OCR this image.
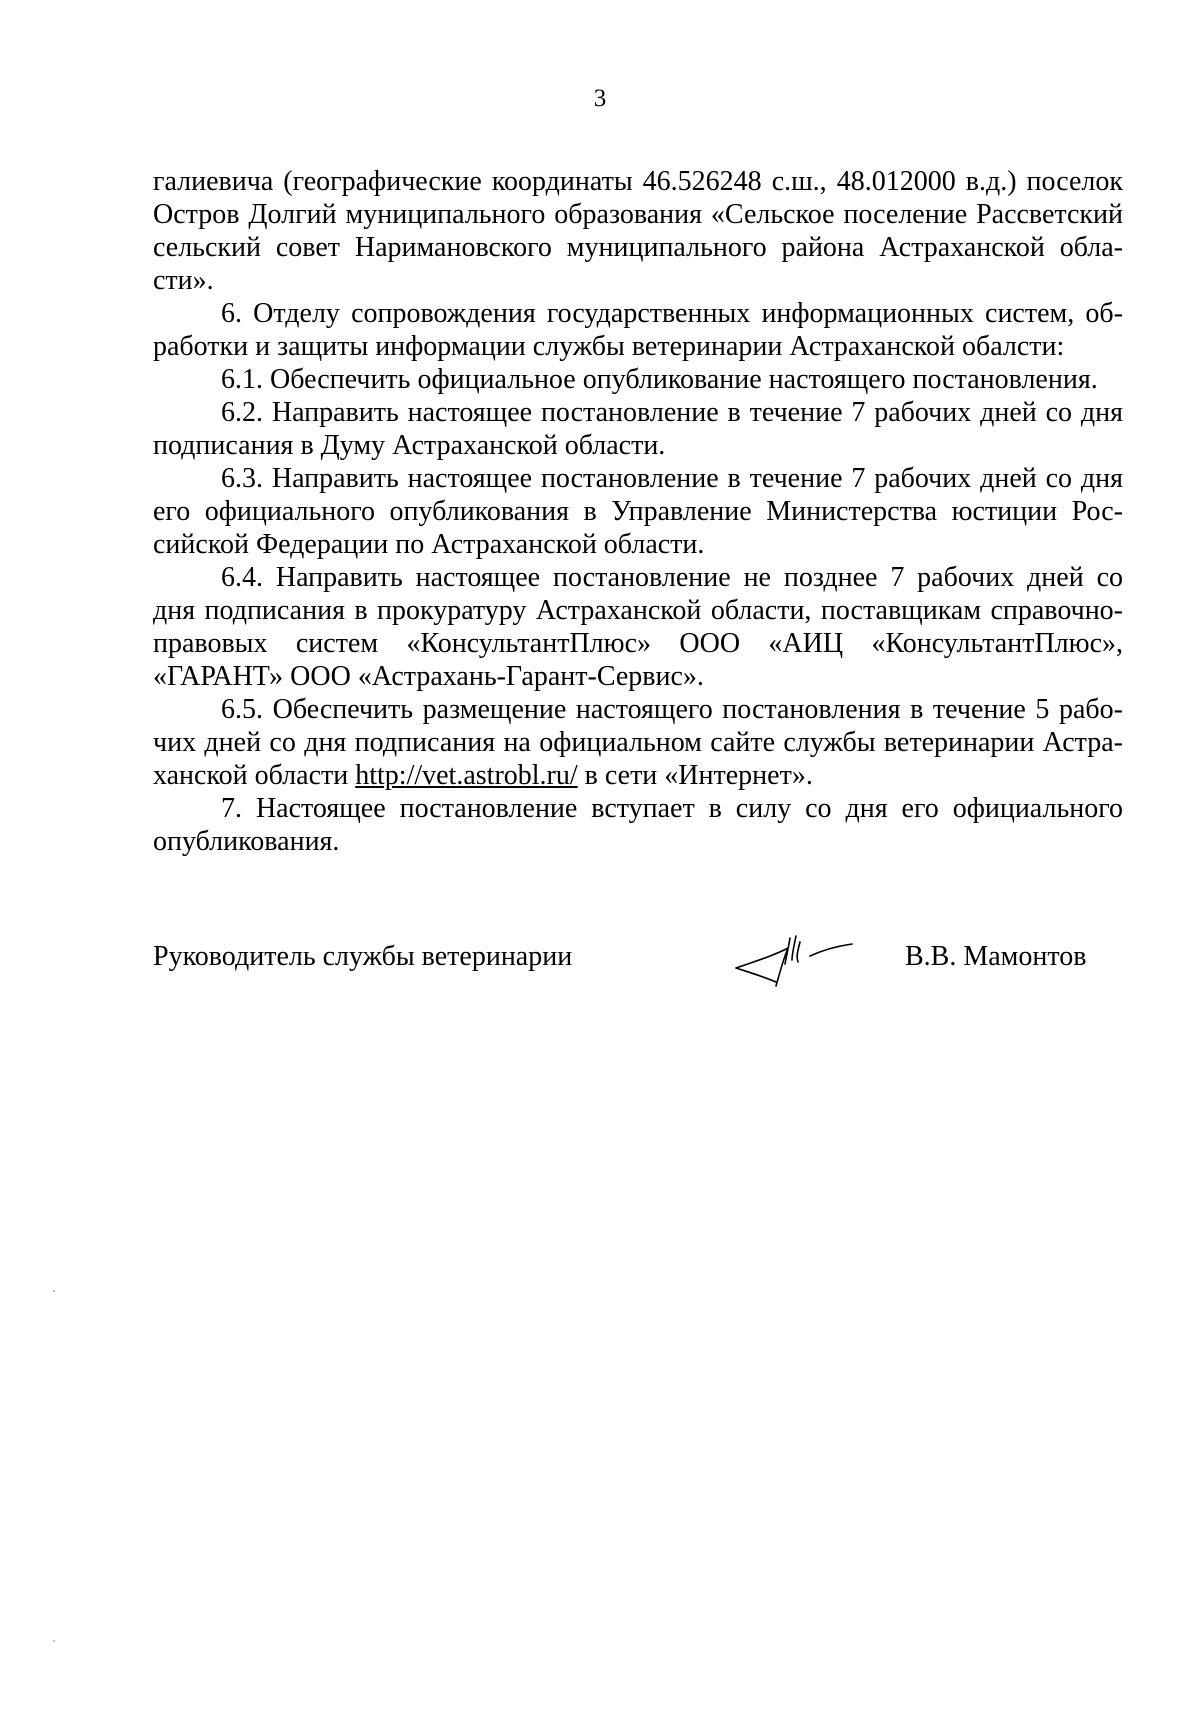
3

галиевича (географические координаты 46.526248 с.ш., 48.012000 в.д.) поселок
Остров Долгий муниципального образования «Сельское поселение Рассветский
сельский совет Наримановского муниципального района Астраханской обла-
сти».

6. Отделу сопровождения государственных информационных систем, об-
работки и защиты информации службы ветеринарии Астраханской обалсти:

6.1. Обеспечить официальное опубликование настоящего постановления.

6.2. Направить настоящее постановление в течение 7 рабочих дней со дня
подписания в Думу Астраханской области.

6.3. Направить настоящее постановление в течение 7 рабочих дней со дня
его официального опубликования в Управление Министерства юстиции Рос-
сийской Федерации по Астраханской области.

6.4. Направить настоящее постановление не позднее 7 рабочих дней со
дня подписания в прокуратуру Астраханской области, поставщикам справочно-
правовых систем «КонсультантПлюс» ООО «АИЦ «КонсультантПлюс»,
«ГАРАНТ» ООО «Астрахань-Гарант-Сервис».

6.5. Обеспечить размещение настоящего постановления в течение 5 рабо-
чих дней со дня подписания на официальном сайте службы ветеринарии Астра-
ханской области http://vet.astrobl.ru/ в сети «Интернет».

7. Настоящее постановление вступает в силу со дня его официального
опубликования.

Руководитель службы ветеринарии	В.В. Мамонтов
